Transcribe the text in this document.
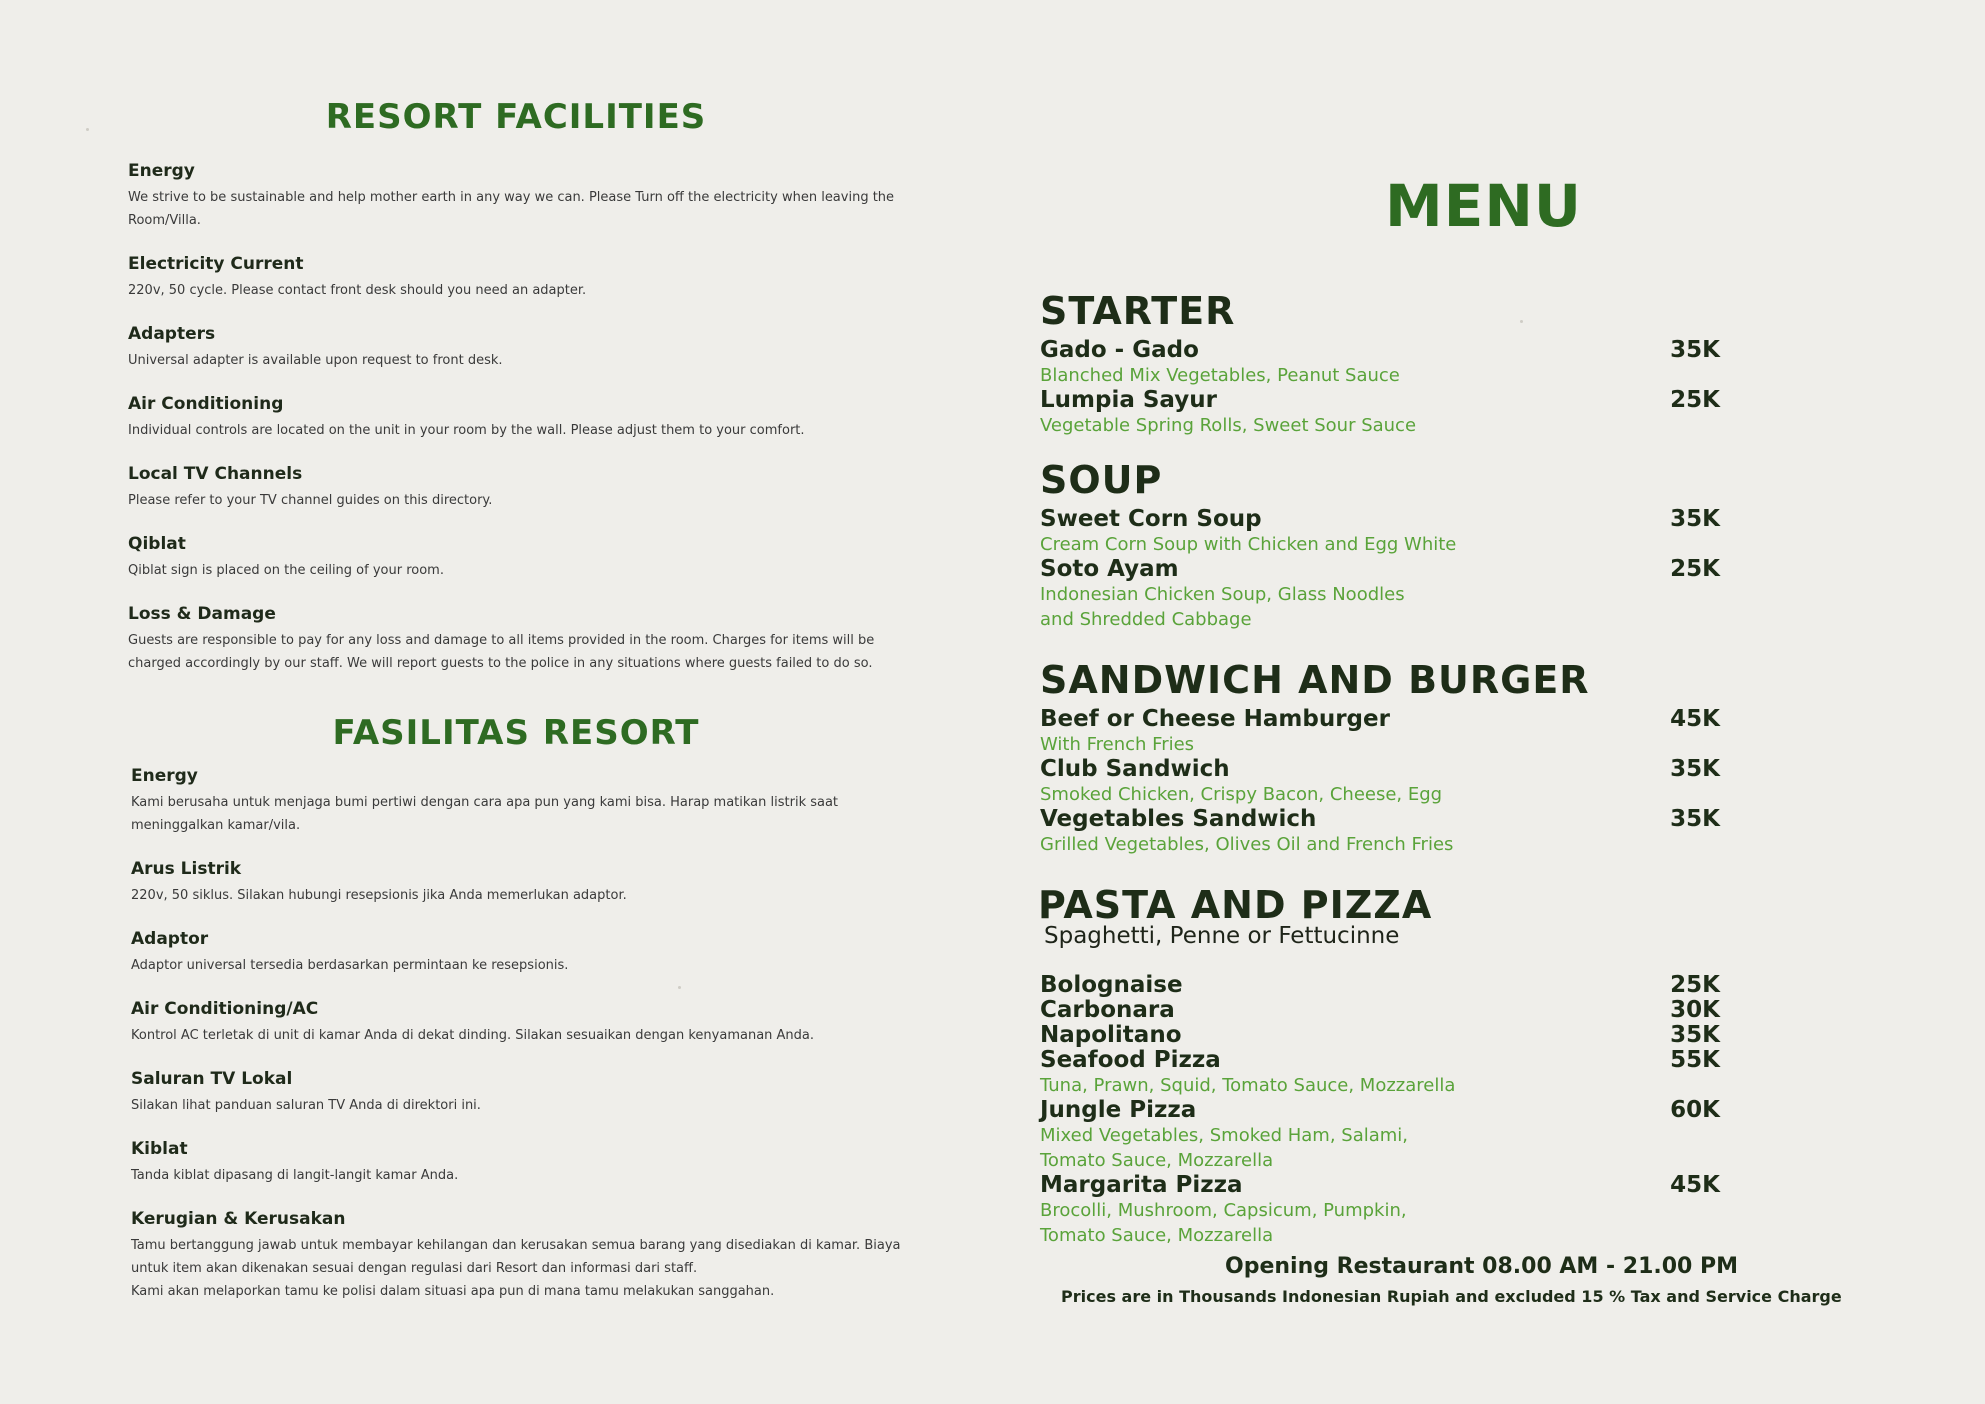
RESORT FACILITIES
Energy

We strive to be sustainable and help mother earth in any way we can. Please Turn off the electricity when leaving the Room/Villa.

Electricity Current

220v, 50 cycle. Please contact front desk should you need an adapter.

Adapters

Universal adapter is available upon request to front desk.

Air Conditioning

Individual controls are located on the unit in your room by the wall. Please adjust them to your comfort.

Local TV Channels

Please refer to your TV channel guides on this directory.

Qiblat

Qiblat sign is placed on the ceiling of your room.

Loss & Damage

Guests are responsible to pay for any loss and damage to all items provided in the room. Charges for items will be charged accordingly by our staff. We will report guests to the police in any situations where guests failed to do so.

FASILITAS RESORT
Energy

Kami berusaha untuk menjaga bumi pertiwi dengan cara apa pun yang kami bisa. Harap matikan listrik saat meninggalkan kamar/vila.

Arus Listrik

220v, 50 siklus. Silakan hubungi resepsionis jika Anda memerlukan adaptor.

Adaptor

Adaptor universal tersedia berdasarkan permintaan ke resepsionis.

Air Conditioning/AC

Kontrol AC terletak di unit di kamar Anda di dekat dinding. Silakan sesuaikan dengan kenyamanan Anda.

Saluran TV Lokal

Silakan lihat panduan saluran TV Anda di direktori ini.

Kiblat

Tanda kiblat dipasang di langit-langit kamar Anda.

Kerugian & Kerusakan

Tamu bertanggung jawab untuk membayar kehilangan dan kerusakan semua barang yang disediakan di kamar. Biaya untuk item akan dikenakan sesuai dengan regulasi dari Resort dan informasi dari staff.

Kami akan melaporkan tamu ke polisi dalam situasi apa pun di mana tamu melakukan sanggahan.

MENU
STARTER
Gado - Gado	35K
Blanched Mix Vegetables, Peanut Sauce
Lumpia Sayur	25K
Vegetable Spring Rolls, Sweet Sour Sauce
SOUP
Sweet Corn Soup	35K
Cream Corn Soup with Chicken and Egg White
Soto Ayam	25K
Indonesian Chicken Soup, Glass Noodles
and Shredded Cabbage
SANDWICH AND BURGER
Beef or Cheese Hamburger	45K
With French Fries
Club Sandwich	35K
Smoked Chicken, Crispy Bacon, Cheese, Egg
Vegetables Sandwich	35K
Grilled Vegetables, Olives Oil and French Fries
PASTA AND PIZZA

Spaghetti, Penne or Fettucinne

Bolognaise	25K
Carbonara	30K
Napolitano	35K
Seafood Pizza	55K
Tuna, Prawn, Squid, Tomato Sauce, Mozzarella
Jungle Pizza	60K
Mixed Vegetables, Smoked Ham, Salami,
Tomato Sauce, Mozzarella
Margarita Pizza	45K
Brocolli, Mushroom, Capsicum, Pumpkin,
Tomato Sauce, Mozzarella

Opening Restaurant 08.00 AM - 21.00 PM

Prices are in Thousands Indonesian Rupiah and excluded 15 % Tax and Service Charge
